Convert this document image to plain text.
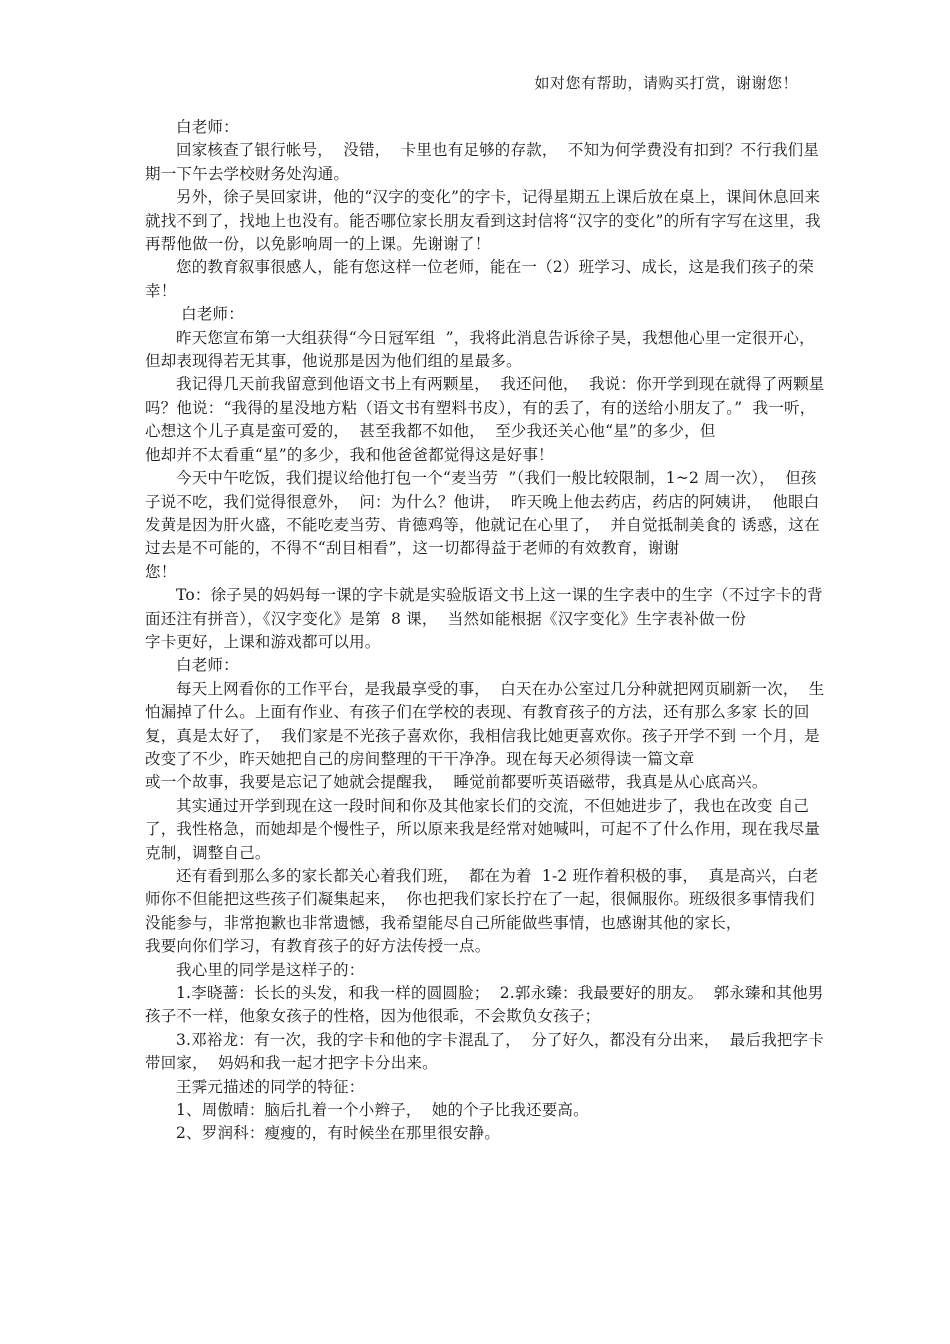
如对您有帮助，请购买打赏，谢谢您！

白老师：

回家核查了银行帐号，  没错，  卡里也有足够的存款，  不知为何学费没有扣到？不行我们星期一下午去学校财务处沟通。

另外，徐子昊回家讲，他的“汉字的变化”的字卡，记得星期五上课后放在桌上，课间休息回来就找不到了，找地上也没有。能否哪位家长朋友看到这封信将“汉字的变化”的所有字写在这里，我再帮他做一份，以免影响周一的上课。先谢谢了！

您的教育叙事很感人，能有您这样一位老师，能在一（2）班学习、成长，这是我们孩子的荣幸！

白老师：

昨天您宣布第一大组获得“今日冠军组  ”，我将此消息告诉徐子昊，我想他心里一定很开心，但却表现得若无其事，他说那是因为他们组的星最多。

我记得几天前我留意到他语文书上有两颗星，  我还问他，  我说：你开学到现在就得了两颗星吗？他说：“我得的星没地方粘（语文书有塑料书皮），有的丢了，有的送给小朋友了。”  我一听，心想这个儿子真是蛮可爱的，  甚至我都不如他，  至少我还关心他“星”的多少，但

他却并不太看重“星”的多少，我和他爸爸都觉得这是好事！

今天中午吃饭，我们提议给他打包一个“麦当劳  ”（我们一般比较限制，1~2 周一次），  但孩子说不吃，我们觉得很意外，  问：为什么？他讲，  昨天晚上他去药店，药店的阿姨讲，  他眼白发黄是因为肝火盛，不能吃麦当劳、肯德鸡等，他就记在心里了，  并自觉抵制美食的 诱惑，这在过去是不可能的，不得不“刮目相看”，这一切都得益于老师的有效教育，谢谢

您！

To：徐子昊的妈妈每一课的字卡就是实验版语文书上这一课的生字表中的生字（不过字卡的背面还注有拼音），《汉字变化》是第  8 课，  当然如能根据《汉字变化》生字表补做一份

字卡更好，上课和游戏都可以用。

白老师：

每天上网看你的工作平台，是我最享受的事，  白天在办公室过几分种就把网页刷新一次，  生怕漏掉了什么。上面有作业、有孩子们在学校的表现、有教育孩子的方法，还有那么多家 长的回复，真是太好了，  我们家是不光孩子喜欢你，我相信我比她更喜欢你。孩子开学不到 一个月，是改变了不少，昨天她把自己的房间整理的干干净净。现在每天必须得读一篇文章

或一个故事，我要是忘记了她就会提醒我，  睡觉前都要听英语磁带，我真是从心底高兴。

其实通过开学到现在这一段时间和你及其他家长们的交流，不但她进步了，我也在改变 自己了，我性格急，而她却是个慢性子，所以原来我是经常对她喊叫，可起不了什么作用，现在我尽量克制，调整自己。

还有看到那么多的家长都关心着我们班，  都在为着  1-2 班作着积极的事，  真是高兴，白老师你不但能把这些孩子们凝集起来，  你也把我们家长拧在了一起，很佩服你。班级很多事情我们没能参与，非常抱歉也非常遗憾，我希望能尽自己所能做些事情，也感谢其他的家长，

我要向你们学习，有教育孩子的好方法传授一点。

我心里的同学是这样子的：

1.李晓蔷：长长的头发，和我一样的圆圆脸；  2.郭永臻：我最要好的朋友。  郭永臻和其他男孩子不一样，他象女孩子的性格，因为他很乖，不会欺负女孩子；

3.邓裕龙：有一次，我的字卡和他的字卡混乱了，  分了好久，都没有分出来，  最后我把字卡带回家，  妈妈和我一起才把字卡分出来。

王霁元描述的同学的特征：

1、周傲晴：脑后扎着一个小辫子，  她的个子比我还要高。

2、罗润科：瘦瘦的，有时候坐在那里很安静。
